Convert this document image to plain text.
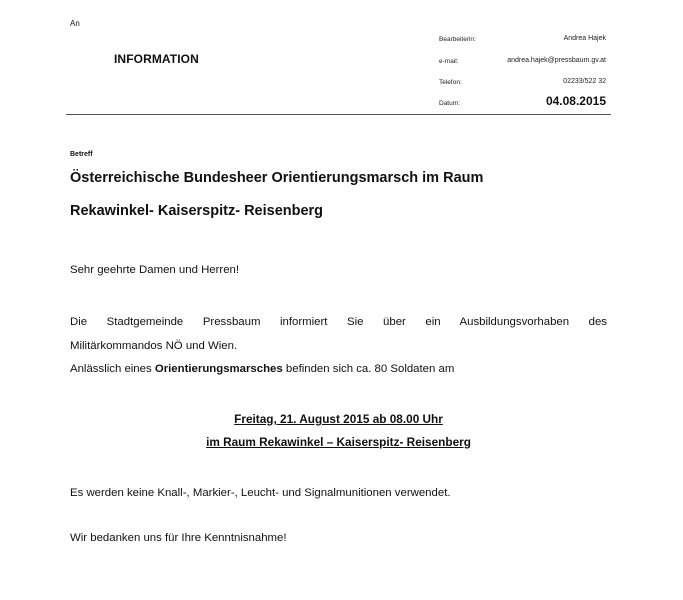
An
INFORMATION
Bearbeiterin:	Andrea Hajek
e-mail:	andrea.hajek@pressbaum.gv.at
Telefon:	02233/522 32
Datum:	04.08.2015
Betreff
Österreichische Bundesheer Orientierungsmarsch im Raum
Rekawinkel- Kaiserspitz- Reisenberg
Sehr geehrte Damen und Herren!
Die Stadtgemeinde Pressbaum informiert Sie über ein Ausbildungsvorhaben des
Militärkommandos NÖ und Wien.
Anlässlich eines Orientierungsmarsches befinden sich ca. 80 Soldaten am
Freitag, 21. August 2015 ab 08.00 Uhr
im Raum Rekawinkel – Kaiserspitz- Reisenberg
Es werden keine Knall-, Markier-, Leucht- und Signalmunitionen verwendet.
Wir bedanken uns für Ihre Kenntnisnahme!
